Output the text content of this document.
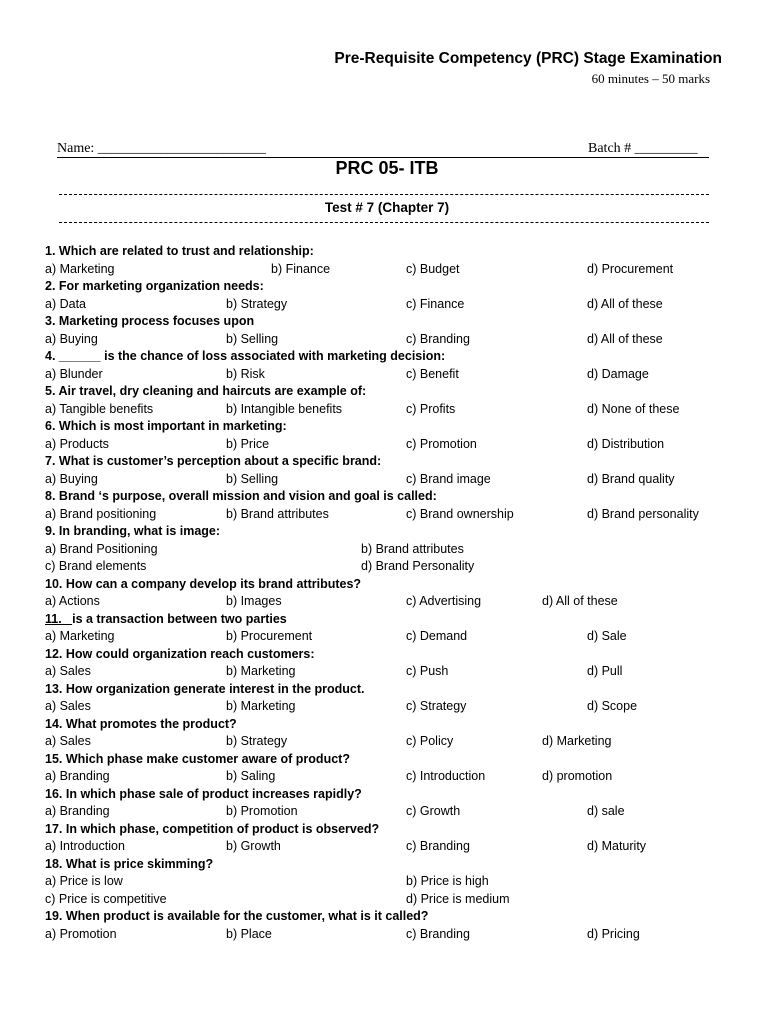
Pre-Requisite Competency (PRC) Stage Examination
60 minutes – 50 marks
Name: ________________________	Batch # _________
PRC 05- ITB
Test # 7 (Chapter 7)
1. Which are related to trust and relationship:
a) Marketing	b) Finance	c) Budget	d) Procurement
2. For marketing organization needs:
a) Data	b) Strategy	c) Finance	d) All of these
3. Marketing process focuses upon
a) Buying	b) Selling	c) Branding	d) All of these
4. ______ is the chance of loss associated with marketing decision:
a) Blunder	b) Risk	c) Benefit	d) Damage
5. Air travel, dry cleaning and haircuts are example of:
a) Tangible benefits	b) Intangible benefits	c) Profits	d) None of these
6. Which is most important in marketing:
a) Products	b) Price	c) Promotion	d) Distribution
7. What is customer’s perception about a specific brand:
a) Buying	b) Selling	c) Brand image	d) Brand quality
8. Brand ‘s purpose, overall mission and vision and goal is called:
a) Brand positioning	b) Brand attributes	c) Brand ownership	d) Brand personality
9. In branding, what is image:
a) Brand Positioning	b) Brand attributes
c) Brand elements	d) Brand Personality
10. How can a company develop its brand attributes?
a) Actions	b) Images	c) Advertising	d) All of these
11.   is a transaction between two parties
a) Marketing	b) Procurement	c) Demand	d) Sale
12. How could organization reach customers:
a) Sales	b) Marketing	c) Push	d) Pull
13. How organization generate interest in the product.
a) Sales	b) Marketing	c) Strategy	d) Scope
14. What promotes the product?
a) Sales	b) Strategy	c) Policy	d) Marketing
15. Which phase make customer aware of product?
a) Branding	b) Saling	c) Introduction	d) promotion
16. In which phase sale of product increases rapidly?
a) Branding	b) Promotion	c) Growth	d) sale
17. In which phase, competition of product is observed?
a) Introduction	b) Growth	c) Branding	d) Maturity
18. What is price skimming?
a) Price is low	b) Price is high
c) Price is competitive	d) Price is medium
19. When product is available for the customer, what is it called?
a) Promotion	b) Place	c) Branding	d) Pricing
